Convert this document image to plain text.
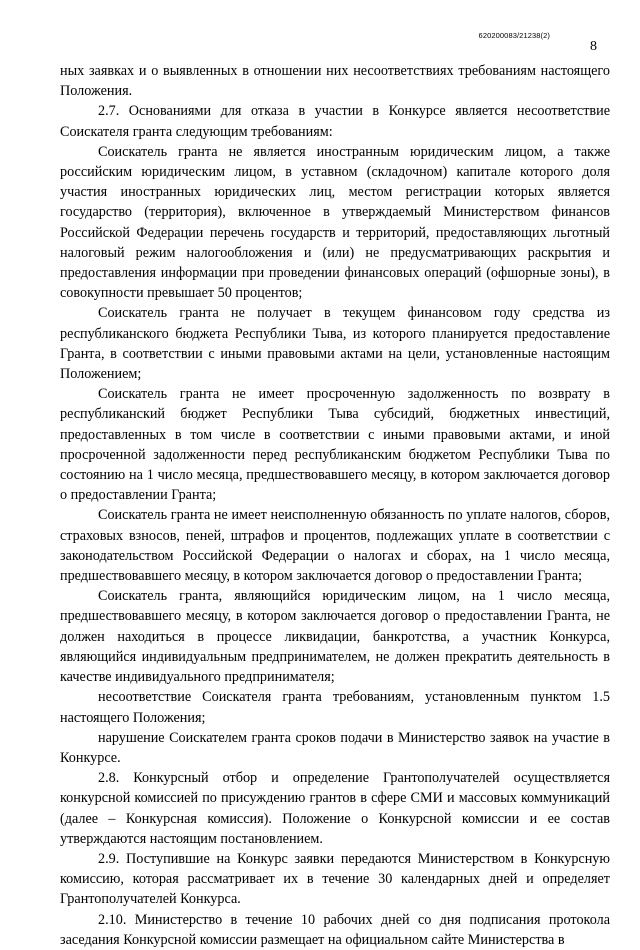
620200083/21238(2)
8

ных заявках и о выявленных в отношении них несоответствиях требованиям настоящего Положения.

2.7. Основаниями для отказа в участии в Конкурсе является несоответствие Соискателя гранта следующим требованиям:

Соискатель гранта не является иностранным юридическим лицом, а также российским юридическим лицом, в уставном (складочном) капитале которого доля участия иностранных юридических лиц, местом регистрации которых является государство (территория), включенное в утверждаемый Министерством финансов Российской Федерации перечень государств и территорий, предоставляющих льготный налоговый режим налогообложения и (или) не предусматривающих раскрытия и предоставления информации при проведении финансовых операций (офшорные зоны), в совокупности превышает 50 процентов;

Соискатель гранта не получает в текущем финансовом году средства из республиканского бюджета Республики Тыва, из которого планируется предоставление Гранта, в соответствии с иными правовыми актами на цели, установленные настоящим Положением;

Соискатель гранта не имеет просроченную задолженность по возврату в республиканский бюджет Республики Тыва субсидий, бюджетных инвестиций, предоставленных в том числе в соответствии с иными правовыми актами, и иной просроченной задолженности перед республиканским бюджетом Республики Тыва по состоянию на 1 число месяца, предшествовавшего месяцу, в котором заключается договор о предоставлении Гранта;

Соискатель гранта не имеет неисполненную обязанность по уплате налогов, сборов, страховых взносов, пеней, штрафов и процентов, подлежащих уплате в соответствии с законодательством Российской Федерации о налогах и сборах, на 1 число месяца, предшествовавшего месяцу, в котором заключается договор о предоставлении Гранта;

Соискатель гранта, являющийся юридическим лицом, на 1 число месяца, предшествовавшего месяцу, в котором заключается договор о предоставлении Гранта, не должен находиться в процессе ликвидации, банкротства, а участник Конкурса, являющийся индивидуальным предпринимателем, не должен прекратить деятельность в качестве индивидуального предпринимателя;

несоответствие Соискателя гранта требованиям, установленным пунктом 1.5 настоящего Положения;

нарушение Соискателем гранта сроков подачи в Министерство заявок на участие в Конкурсе.

2.8. Конкурсный отбор и определение Грантополучателей осуществляется конкурсной комиссией по присуждению грантов в сфере СМИ и массовых коммуникаций (далее – Конкурсная комиссия). Положение о Конкурсной комиссии и ее состав утверждаются настоящим постановлением.

2.9. Поступившие на Конкурс заявки передаются Министерством в Конкурсную комиссию, которая рассматривает их в течение 30 календарных дней и определяет Грантополучателей Конкурса.

2.10. Министерство в течение 10 рабочих дней со дня подписания протокола заседания Конкурсной комиссии размещает на официальном сайте Министерства в
